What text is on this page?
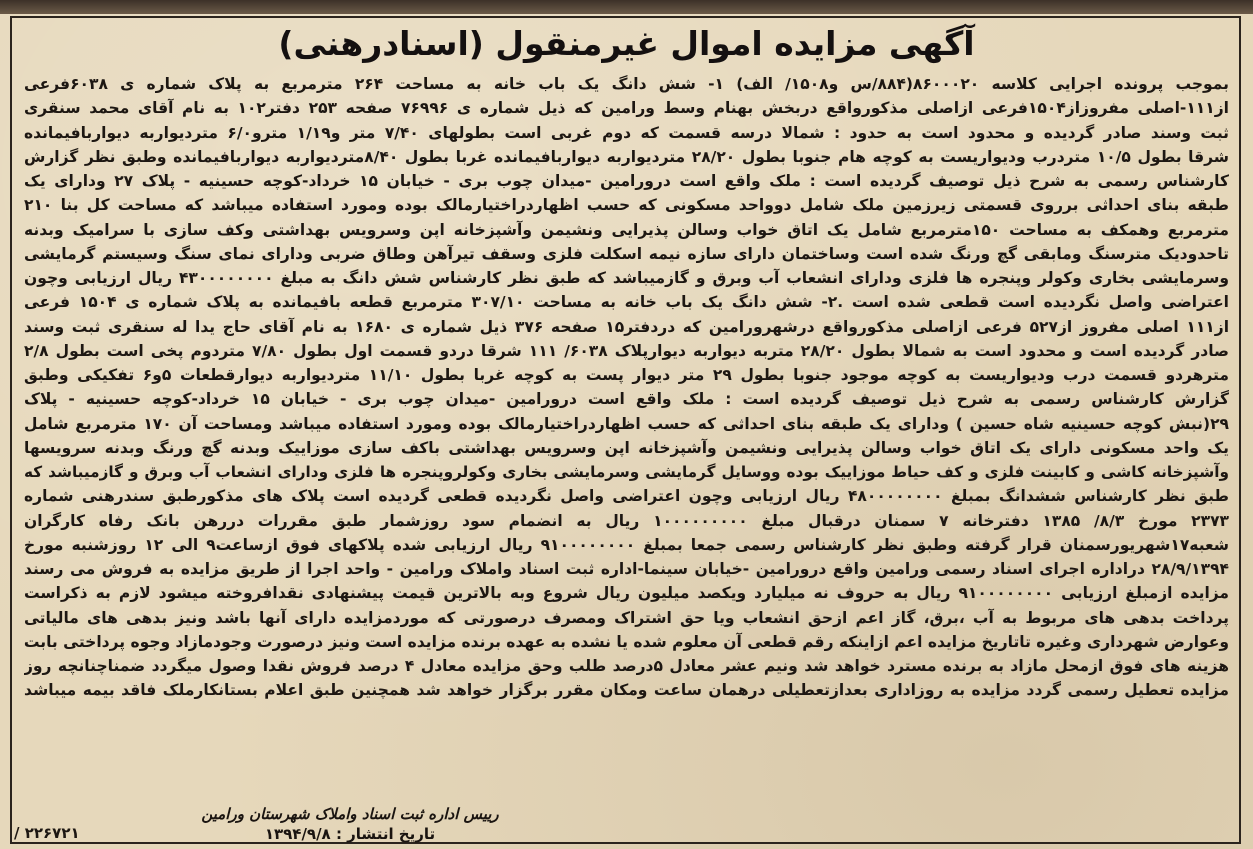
آگهی مزایده اموال غیرمنقول (اسنادرهنی)
بموجب پرونده اجرایی کلاسه ۸۶۰۰۰۲۰(۸۸۴/س و۱۵۰۸/ الف) ۱- شش دانگ یک باب خانه به مساحت ۲۶۴ مترمربع به پلاک شماره ی ۶۰۳۸فرعی
از۱۱۱-اصلی مفروزاز۱۵۰۴فرعی ازاصلی مذکورواقع دربخش بهنام وسط ورامین که ذیل شماره ی ۷۶۹۹۶ صفحه ۲۵۳ دفتر۱۰۲ به نام آقای محمد سنقری
ثبت وسند صادر گردیده و محدود است به حدود : شمالا درسه قسمت که دوم غربی است بطولهای ۷/۴۰ متر و۱/۱۹ مترو۶/۰ متردیواربه دیواربافیمانده
شرقا بطول ۱۰/۵ متردرب ودیواریست به کوچه هام جنوبا بطول ۲۸/۲۰ متردیواربه دیواربافیمانده غربا بطول ۸/۴۰متردیواربه دیواربافیمانده وطبق نظر گزارش
کارشناس رسمی به شرح ذیل توصیف گردیده است : ملک واقع است درورامین -میدان چوب بری - خیابان ۱۵ خرداد-کوچه حسینیه - پلاک ۲۷ ودارای یک
طبقه بنای احداثی برروی قسمتی زیرزمین ملک شامل دوواحد مسکونی که حسب اظهاردراختیارمالک بوده ومورد استفاده میباشد که مساحت کل بنا ۲۱۰
مترمربع وهمکف به مساحت ۱۵۰مترمربع شامل یک اتاق خواب وسالن پذیرایی ونشیمن وآشپزخانه اپن وسرویس بهداشتی وکف سازی با سرامیک وبدنه
تاحدودیک مترسنگ ومابقی گچ ورنگ شده است وساختمان دارای سازه نیمه اسکلت فلزی وسقف تیرآهن وطاق ضربی ودارای نمای سنگ وسیستم گرمایشی
وسرمایشی بخاری وکولر وپنجره ها فلزی ودارای انشعاب آب وبرق و گازمیباشد که طبق نظر کارشناس شش دانگ به مبلغ ۴۳۰۰۰۰۰۰۰۰ ریال ارزیابی وچون
اعتراضی واصل نگردیده است قطعی شده است .۲- شش دانگ یک باب خانه به مساحت ۳۰۷/۱۰ مترمربع قطعه بافیمانده به پلاک شماره ی ۱۵۰۴ فرعی
از۱۱۱ اصلی مفروز از۵۲۷ فرعی ازاصلی مذکورواقع درشهرورامین که دردفتر۱۵ صفحه ۳۷۶ ذیل شماره ی ۱۶۸۰ به نام آقای حاج یدا له سنقری ثبت وسند
صادر گردیده است و محدود است به شمالا بطول ۲۸/۲۰ متربه دیواربه دیوارپلاک ۶۰۳۸/ ۱۱۱ شرقا دردو قسمت اول بطول ۷/۸۰ متردوم پخی است بطول ۲/۸
مترهردو قسمت درب ودیواریست به کوچه موجود جنوبا بطول ۲۹ متر دیوار پست به کوچه غربا بطول ۱۱/۱۰ متردیواربه دیوارقطعات ۵و۶ تفکیکی وطبق
گزارش کارشناس رسمی به شرح ذیل توصیف گردیده است : ملک واقع است درورامین -میدان چوب بری - خیابان ۱۵ خرداد-کوچه حسینیه - پلاک
۲۹(نبش کوچه حسینیه شاه حسین ) ودارای یک طبقه بنای احداثی که حسب اظهاردراختیارمالک بوده ومورد استفاده میباشد ومساحت آن ۱۷۰ مترمربع شامل
یک واحد مسکونی دارای یک اتاق خواب وسالن پذیرایی ونشیمن وآشپزخانه اپن وسرویس بهداشتی باکف سازی موزاییک وبدنه گچ ورنگ وبدنه سرویسها
وآشپزخانه کاشی و کابینت فلزی و کف حیاط موزاییک بوده ووسایل گرمایشی وسرمایشی بخاری وکولروپنجره ها فلزی ودارای انشعاب آب وبرق و گازمیباشد که
طبق نظر کارشناس ششدانگ بمبلغ ۴۸۰۰۰۰۰۰۰۰ ریال ارزیابی وچون اعتراضی واصل نگردیده قطعی گردیده است پلاک های مذکورطبق سندرهنی شماره
۲۳۷۳ مورخ ۸/۳/ ۱۳۸۵ دفترخانه ۷ سمنان درقبال مبلغ ۱۰۰۰۰۰۰۰۰۰ ریال به انضمام سود روزشمار طبق مقررات دررهن بانک رفاه کارگران
شعبه۱۷شهریورسمنان قرار گرفته وطبق نظر کارشناس رسمی جمعا بمبلغ ۹۱۰۰۰۰۰۰۰۰ ریال ارزیابی شده پلاکهای فوق ازساعت۹ الی ۱۲ روزشنبه مورخ
۲۸/۹/۱۳۹۴ دراداره اجرای اسناد رسمی ورامین واقع درورامین -خیابان سینما-اداره ثبت اسناد واملاک ورامین - واحد اجرا از طریق مزایده به فروش می رسند
مزایده ازمبلغ ارزیابی ۹۱۰۰۰۰۰۰۰۰ ریال به حروف نه میلیارد ویکصد میلیون ریال شروع وبه بالاترین قیمت پیشنهادی نقدافروخته میشود لازم به ذکراست
پرداخت بدهی های مربوط به آب ،برق، گاز اعم ازحق انشعاب ویا حق اشتراک ومصرف درصورتی که موردمزایده دارای آنها باشد ونیز بدهی های مالیاتی
وعوارض شهرداری وغیره تاتاریخ مزایده اعم ازاینکه رقم قطعی آن معلوم شده یا نشده به عهده برنده مزایده است ونیز درصورت وجودمازاد وجوه پرداختی بابت
هزینه های فوق ازمحل مازاد به برنده مسترد خواهد شد ونیم عشر معادل ۵درصد طلب وحق مزایده معادل ۴ درصد فروش نقدا وصول میگردد ضمناچنانچه روز
مزایده تعطیل رسمی گردد مزایده به روزاداری بعدازتعطیلی درهمان ساعت ومکان مقرر برگزار خواهد شد همچنین طبق اعلام بستانکارملک فاقد بیمه میباشد
/ ۲۲۶۷۲۱
رییس اداره ثبت اسناد واملاک شهرستان ورامین
تاریخ انتشار : ۱۳۹۴/۹/۸
